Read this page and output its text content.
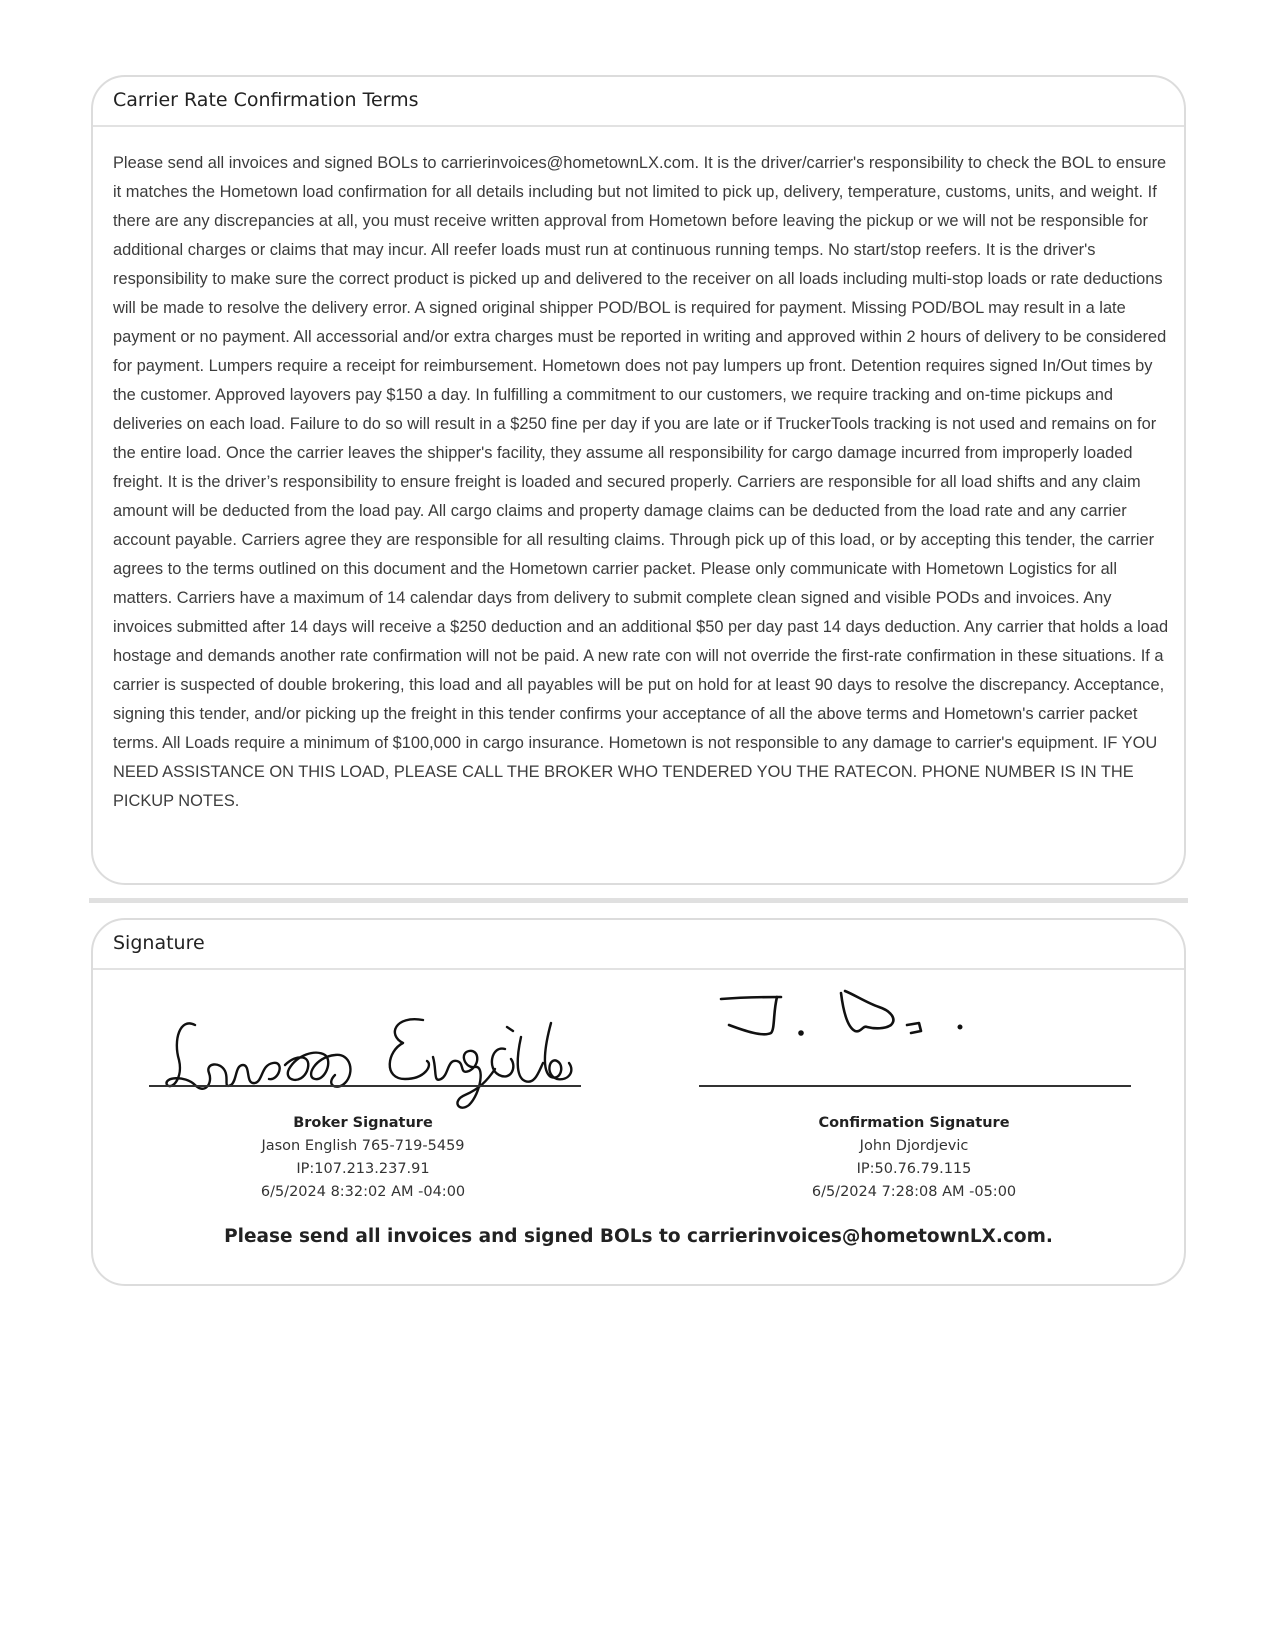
Carrier Rate Confirmation Terms

Please send all invoices and signed BOLs to carrierinvoices@hometownLX.com. It is the driver/carrier's responsibility to check the BOL to ensure it matches the Hometown load confirmation for all details including but not limited to pick up, delivery, temperature, customs, units, and weight. If there are any discrepancies at all, you must receive written approval from Hometown before leaving the pickup or we will not be responsible for additional charges or claims that may incur. All reefer loads must run at continuous running temps. No start/stop reefers. It is the driver's responsibility to make sure the correct product is picked up and delivered to the receiver on all loads including multi-stop loads or rate deductions will be made to resolve the delivery error. A signed original shipper POD/BOL is required for payment. Missing POD/BOL may result in a late payment or no payment. All accessorial and/or extra charges must be reported in writing and approved within 2 hours of delivery to be considered for payment. Lumpers require a receipt for reimbursement. Hometown does not pay lumpers up front. Detention requires signed In/Out times by the customer. Approved layovers pay $150 a day. In fulfilling a commitment to our customers, we require tracking and on-time pickups and deliveries on each load. Failure to do so will result in a $250 fine per day if you are late or if TruckerTools tracking is not used and remains on for the entire load. Once the carrier leaves the shipper's facility, they assume all responsibility for cargo damage incurred from improperly loaded freight. It is the driver’s responsibility to ensure freight is loaded and secured properly. Carriers are responsible for all load shifts and any claim amount will be deducted from the load pay. All cargo claims and property damage claims can be deducted from the load rate and any carrier account payable. Carriers agree they are responsible for all resulting claims. Through pick up of this load, or by accepting this tender, the carrier agrees to the terms outlined on this document and the Hometown carrier packet. Please only communicate with Hometown Logistics for all matters. Carriers have a maximum of 14 calendar days from delivery to submit complete clean signed and visible PODs and invoices. Any invoices submitted after 14 days will receive a $250 deduction and an additional $50 per day past 14 days deduction. Any carrier that holds a load hostage and demands another rate confirmation will not be paid. A new rate con will not override the first-rate confirmation in these situations. If a carrier is suspected of double brokering, this load and all payables will be put on hold for at least 90 days to resolve the discrepancy. Acceptance, signing this tender, and/or picking up the freight in this tender confirms your acceptance of all the above terms and Hometown's carrier packet terms. All Loads require a minimum of $100,000 in cargo insurance. Hometown is not responsible to any damage to carrier's equipment. IF YOU NEED ASSISTANCE ON THIS LOAD, PLEASE CALL THE BROKER WHO TENDERED YOU THE RATECON. PHONE NUMBER IS IN THE PICKUP NOTES.

Signature
Broker Signature
Jason English 765-719-5459
IP:107.213.237.91
6/5/2024 8:32:02 AM -04:00
Confirmation Signature
John Djordjevic
IP:50.76.79.115
6/5/2024 7:28:08 AM -05:00
Please send all invoices and signed BOLs to carrierinvoices@hometownLX.com.
